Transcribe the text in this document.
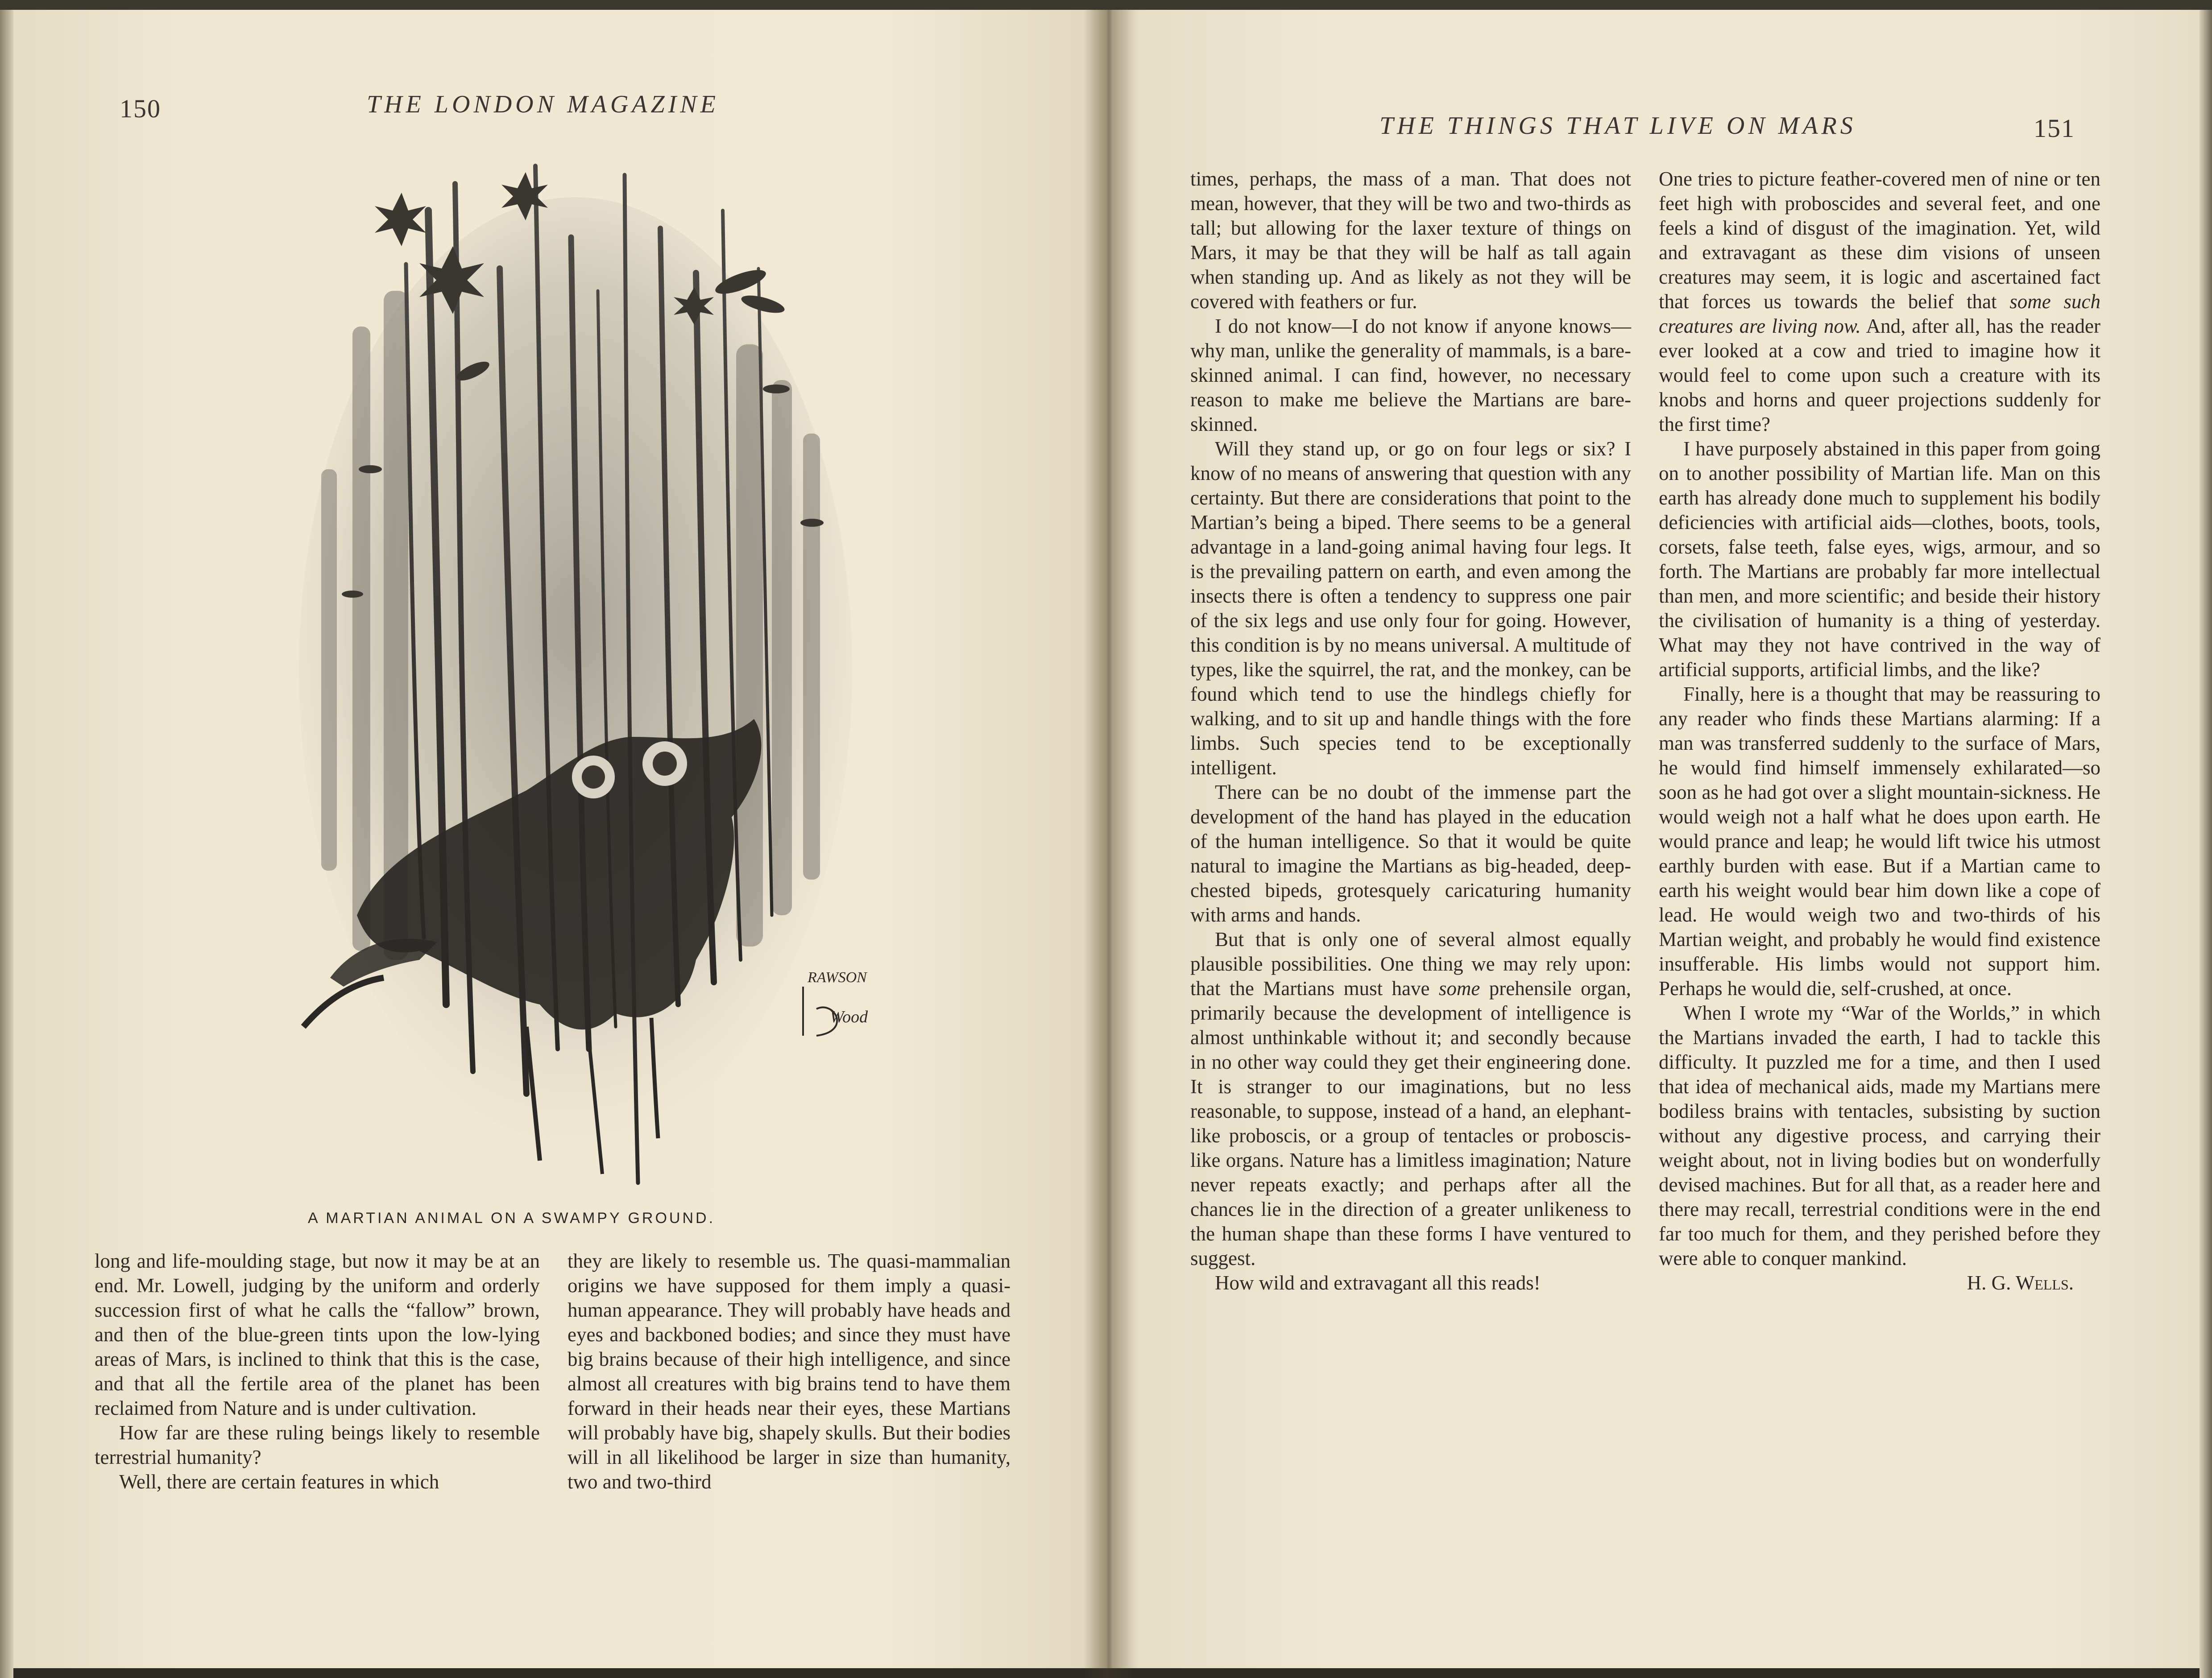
150	THE LONDON MAGAZINE
RAWSON
Wood
A MARTIAN ANIMAL ON A SWAMPY GROUND.

long and life-moulding stage, but now it may be at an end. Mr. Lowell, judging by the uniform and orderly succession first of what he calls the “fallow” brown, and then of the blue-green tints upon the low-lying areas of Mars, is inclined to think that this is the case, and that all the fertile area of the planet has been reclaimed from Nature and is under cultivation.

How far are these ruling beings likely to resemble terrestrial humanity?

Well, there are certain features in which

they are likely to resemble us. The quasi-mammalian origins we have supposed for them imply a quasi-human appearance. They will probably have heads and eyes and backboned bodies; and since they must have big brains because of their high intelligence, and since almost all creatures with big brains tend to have them forward in their heads near their eyes, these Martians will probably have big, shapely skulls. But their bodies will in all likelihood be larger in size than humanity, two and two-third

THE THINGS THAT LIVE ON MARS	151

times, perhaps, the mass of a man. That does not mean, however, that they will be two and two-thirds as tall; but allowing for the laxer texture of things on Mars, it may be that they will be half as tall again when standing up. And as likely as not they will be covered with feathers or fur.

I do not know—I do not know if anyone knows—why man, unlike the generality of mammals, is a bare-skinned animal. I can find, however, no necessary reason to make me believe the Martians are bare-skinned.

Will they stand up, or go on four legs or six? I know of no means of answering that question with any certainty. But there are considerations that point to the Martian’s being a biped. There seems to be a general advantage in a land-going animal having four legs. It is the prevailing pattern on earth, and even among the insects there is often a tendency to suppress one pair of the six legs and use only four for going. However, this condition is by no means universal. A multitude of types, like the squirrel, the rat, and the monkey, can be found which tend to use the hindlegs chiefly for walking, and to sit up and handle things with the fore limbs. Such species tend to be exceptionally intelligent.

There can be no doubt of the immense part the development of the hand has played in the education of the human intelligence. So that it would be quite natural to imagine the Martians as big-headed, deep-chested bipeds, grotesquely caricaturing humanity with arms and hands.

But that is only one of several almost equally plausible possibilities. One thing we may rely upon: that the Martians must have some prehensile organ, primarily because the development of intelligence is almost unthinkable without it; and secondly because in no other way could they get their engineering done. It is stranger to our imaginations, but no less reasonable, to suppose, instead of a hand, an elephant-like proboscis, or a group of tentacles or proboscis-like organs. Nature has a limitless imagination; Nature never repeats exactly; and perhaps after all the chances lie in the direction of a greater unlikeness to the human shape than these forms I have ventured to suggest.

How wild and extravagant all this reads!

One tries to picture feather-covered men of nine or ten feet high with proboscides and several feet, and one feels a kind of disgust of the imagination. Yet, wild and extravagant as these dim visions of unseen creatures may seem, it is logic and ascertained fact that forces us towards the belief that some such creatures are living now. And, after all, has the reader ever looked at a cow and tried to imagine how it would feel to come upon such a creature with its knobs and horns and queer projections suddenly for the first time?

I have purposely abstained in this paper from going on to another possibility of Martian life. Man on this earth has already done much to supplement his bodily deficiencies with artificial aids—clothes, boots, tools, corsets, false teeth, false eyes, wigs, armour, and so forth. The Martians are probably far more intellectual than men, and more scientific; and beside their history the civilisation of humanity is a thing of yesterday. What may they not have contrived in the way of artificial supports, artificial limbs, and the like?

Finally, here is a thought that may be reassuring to any reader who finds these Martians alarming: If a man was transferred suddenly to the surface of Mars, he would find himself immensely exhilarated—so soon as he had got over a slight mountain-sickness. He would weigh not a half what he does upon earth. He would prance and leap; he would lift twice his utmost earthly burden with ease. But if a Martian came to earth his weight would bear him down like a cope of lead. He would weigh two and two-thirds of his Martian weight, and probably he would find existence insufferable. His limbs would not support him. Perhaps he would die, self-crushed, at once.

When I wrote my “War of the Worlds,” in which the Martians invaded the earth, I had to tackle this difficulty. It puzzled me for a time, and then I used that idea of mechanical aids, made my Martians mere bodiless brains with tentacles, subsisting by suction without any digestive process, and carrying their weight about, not in living bodies but on wonderfully devised machines. But for all that, as a reader here and there may recall, terrestrial conditions were in the end far too much for them, and they perished before they were able to conquer mankind.

H. G. Wells.
